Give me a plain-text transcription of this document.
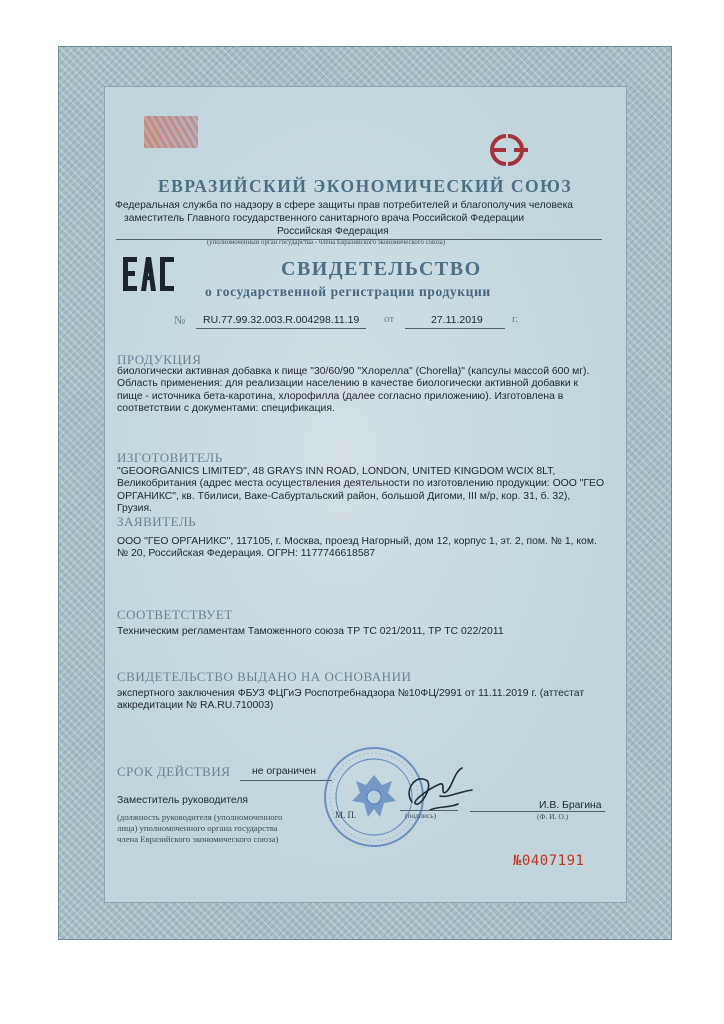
ЕВРАЗИЙСКИЙ ЭКОНОМИЧЕСКИЙ СОЮЗ
Федеральная служба по надзору в сфере защиты прав потребителей и благополучия человека
заместитель Главного государственного санитарного врача Российской Федерации
Российская Федерация
(уполномоченный орган государства - члена Евразийского экономического союза)
СВИДЕТЕЛЬСТВО
о государственной регистрации продукции
№ RU.77.99.32.003.R.004298.11.19 от	27.11.2019	г.
ПРОДУКЦИЯ
биологически активная добавка к пище "30/60/90 "Хлорелла" (Chorella)" (капсулы массой 600 мг). Область применения: для реализации населению в качестве биологически активной добавки к пище - источника бета-каротина, хлорофилла (далее согласно приложению). Изготовлена в соответствии с документами: спецификация.
ИЗГОТОВИТЕЛЬ
"GEOORGANICS LIMITED", 48 GRAYS INN ROAD, LONDON, UNITED KINGDOM WCIX 8LT, Великобритания (адрес места осуществления деятельности по изготовлению продукции: ООО "ГЕО ОРГАНИКС", кв. Тбилиси, Ваке-Сабуртальский район, большой Дигоми, III м/р, кор. 31, б. 32), Грузия.
ЗАЯВИТЕЛЬ
ООО "ГЕО ОРГАНИКС", 117105, г. Москва, проезд Нагорный, дом 12, корпус 1, эт. 2, пом. № 1, ком. № 20, Российская Федерация. ОГРН: 1177746618587
СООТВЕТСТВУЕТ
Техническим регламентам Таможенного союза ТР ТС 021/2011, ТР ТС 022/2011
СВИДЕТЕЛЬСТВО ВЫДАНО НА ОСНОВАНИИ
экспертного заключения ФБУЗ ФЦГиЭ Роспотребнадзора №10ФЦ/2991 от 11.11.2019 г. (аттестат аккредитации № RA.RU.710003)
СРОК ДЕЙСТВИЯ не ограничен
Заместитель руководителя
М. П.	(подпись)
И.В. Брагина
(Ф. И. О.)
(должность руководителя (уполномоченного
лица) уполномоченного органа государства
члена Евразийского экономического союза)
№0407191
